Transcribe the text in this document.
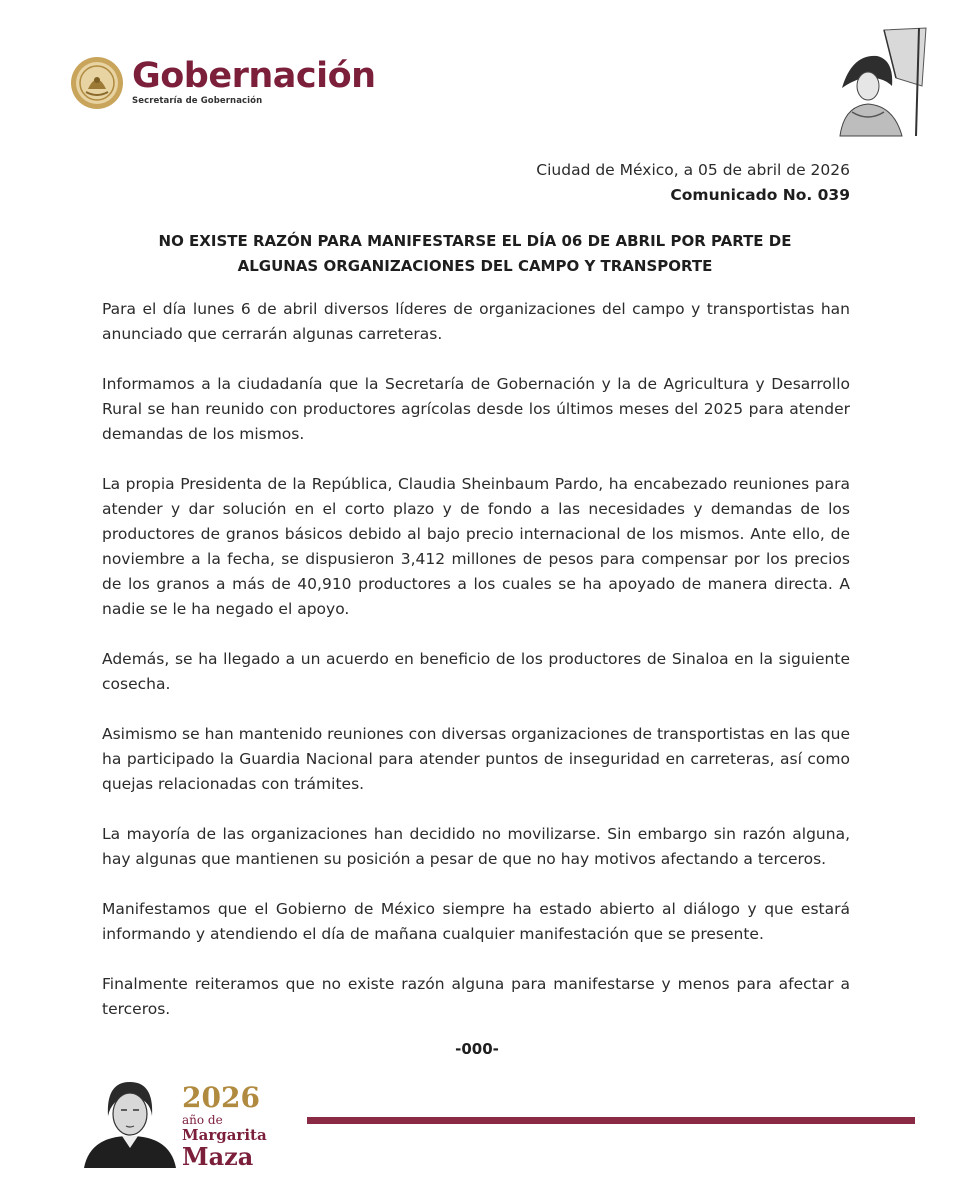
Gobernación
Secretaría de Gobernación
Ciudad de México, a 05 de abril de 2026
Comunicado No. 039
NO EXISTE RAZÓN PARA MANIFESTARSE EL DÍA 06 DE ABRIL POR PARTE DE
ALGUNAS ORGANIZACIONES DEL CAMPO Y TRANSPORTE

Para el día lunes 6 de abril diversos líderes de organizaciones del campo y transportistas han anunciado que cerrarán algunas carreteras.

Informamos a la ciudadanía que la Secretaría de Gobernación y la de Agricultura y Desarrollo Rural se han reunido con productores agrícolas desde los últimos meses del 2025 para atender demandas de los mismos.

La propia Presidenta de la República, Claudia Sheinbaum Pardo, ha encabezado reuniones para atender y dar solución en el corto plazo y de fondo a las necesidades y demandas de los productores de granos básicos debido al bajo precio internacional de los mismos. Ante ello, de noviembre a la fecha, se dispusieron 3,412 millones de pesos para compensar por los precios de los granos a más de 40,910 productores a los cuales se ha apoyado de manera directa. A nadie se le ha negado el apoyo.

Además, se ha llegado a un acuerdo en beneficio de los productores de Sinaloa en la siguiente cosecha.

Asimismo se han mantenido reuniones con diversas organizaciones de transportistas en las que ha participado la Guardia Nacional para atender puntos de inseguridad en carreteras, así como quejas relacionadas con trámites.

La mayoría de las organizaciones han decidido no movilizarse. Sin embargo sin razón alguna, hay algunas que mantienen su posición a pesar de que no hay motivos afectando a terceros.

Manifestamos que el Gobierno de México siempre ha estado abierto al diálogo y que estará informando y atendiendo el día de mañana cualquier manifestación que se presente.

Finalmente reiteramos que no existe razón alguna para manifestarse y menos para afectar a terceros.

-000-
2026
año de
Margarita
Maza
